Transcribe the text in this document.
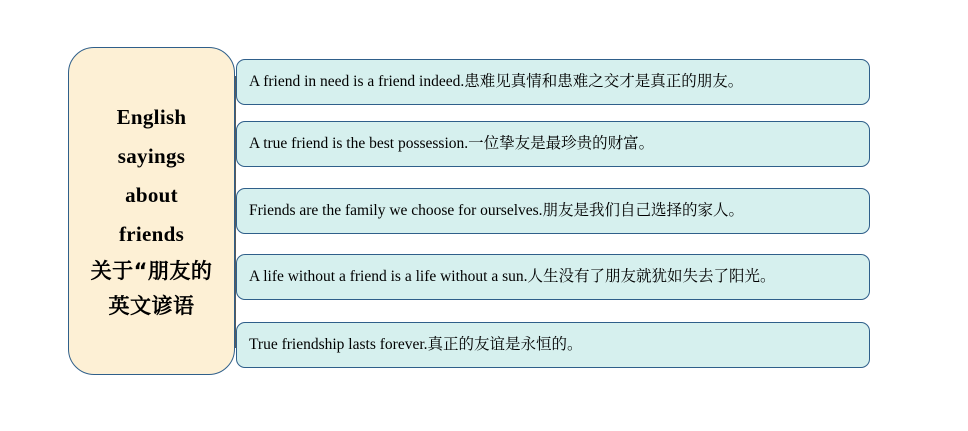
English
sayings
about
friends
关于“朋友的
英文谚语
A friend in need is a friend indeed.患难见真情和患难之交才是真正的朋友。
A true friend is the best possession.一位挚友是最珍贵的财富。
Friends are the family we choose for ourselves.朋友是我们自己选择的家人。
A life without a friend is a life without a sun.人生没有了朋友就犹如失去了阳光。
True friendship lasts forever.真正的友谊是永恒的。
